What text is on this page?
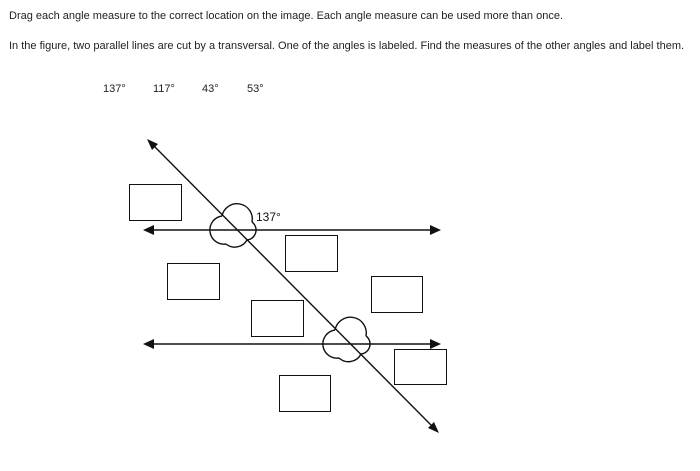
Drag each angle measure to the correct location on the image. Each angle measure can be used more than once.
In the figure, two parallel lines are cut by a transversal. One of the angles is labeled. Find the measures of the other angles and label them.
137° 117° 43°	53°
137°
